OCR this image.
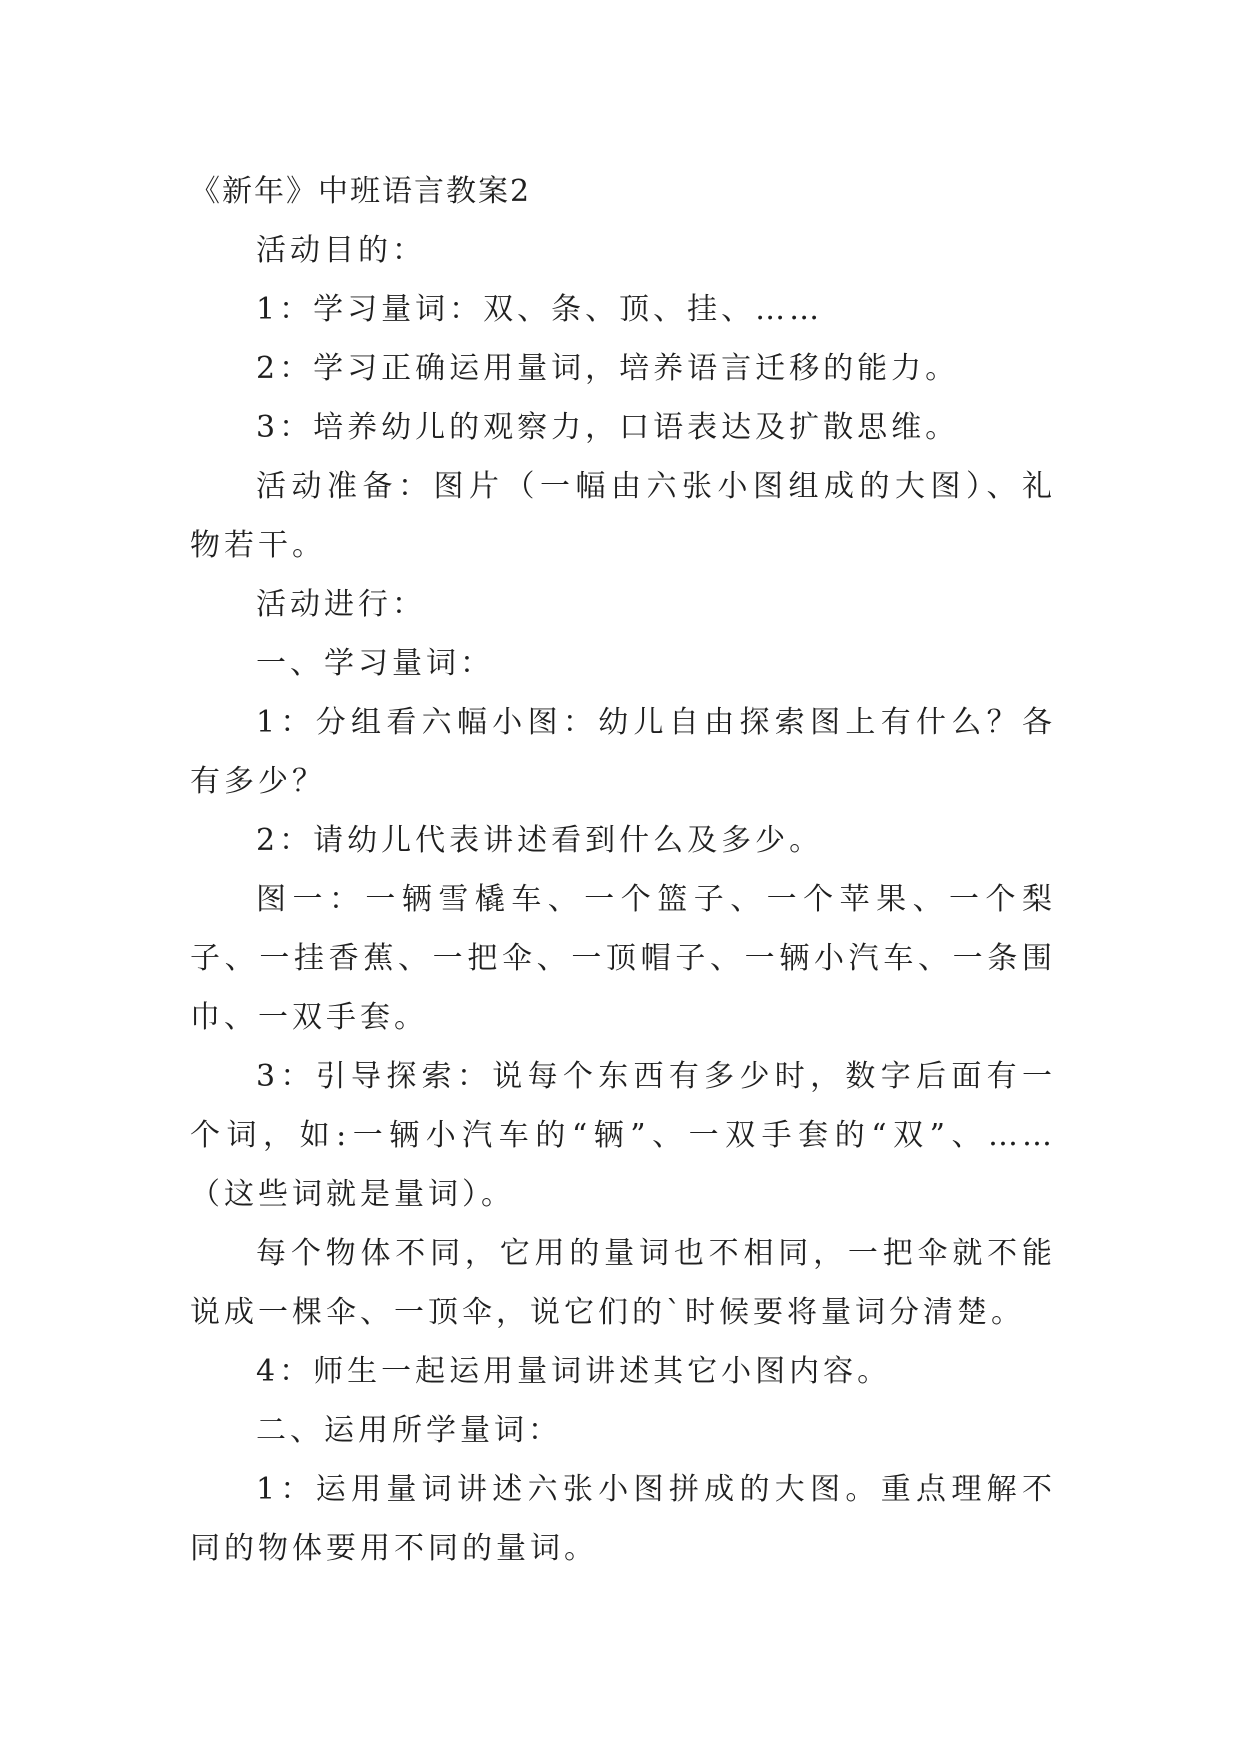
《新年》中班语言教案2

活动目的：

1：学习量词：双、条、顶、挂、……

2：学习正确运用量词，培养语言迁移的能力。

3：培养幼儿的观察力，口语表达及扩散思维。

活动准备：图片（一幅由六张小图组成的大图）、礼物若干。

活动进行：

一、学习量词：

1：分组看六幅小图：幼儿自由探索图上有什么？各有多少？

2：请幼儿代表讲述看到什么及多少。

图一：一辆雪橇车、一个篮子、一个苹果、一个梨子、一挂香蕉、一把伞、一顶帽子、一辆小汽车、一条围巾、一双手套。

3：引导探索：说每个东西有多少时，数字后面有一个词，如:一辆小汽车的“辆”、一双手套的“双”、…… （这些词就是量词）。

每个物体不同，它用的量词也不相同，一把伞就不能说成一棵伞、一顶伞，说它们的`时候要将量词分清楚。

4：师生一起运用量词讲述其它小图内容。

二、运用所学量词：

1：运用量词讲述六张小图拼成的大图。重点理解不同的物体要用不同的量词。
